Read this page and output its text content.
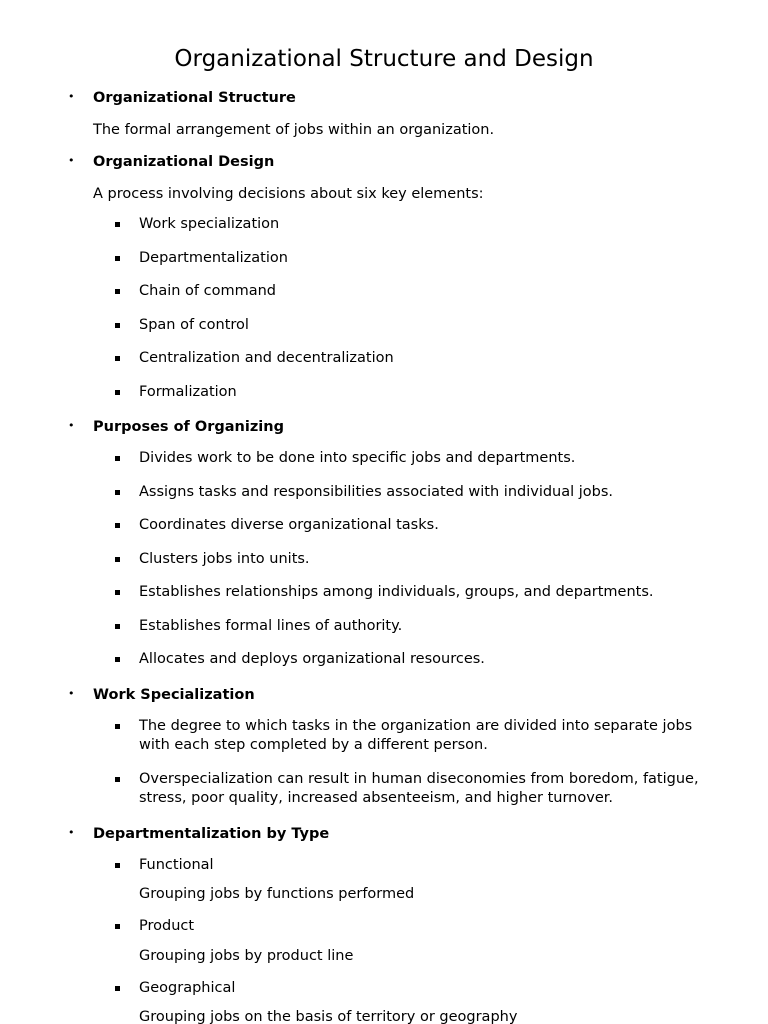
Organizational Structure and Design
• Organizational Structure

The formal arrangement of jobs within an organization.

• Organizational Design

A process involving decisions about six key elements:

Work specialization
Departmentalization
Chain of command
Span of control
Centralization and decentralization
Formalization
• Purposes of Organizing
Divides work to be done into specific jobs and departments.
Assigns tasks and responsibilities associated with individual jobs.
Coordinates diverse organizational tasks.
Clusters jobs into units.
Establishes relationships among individuals, groups, and departments.
Establishes formal lines of authority.
Allocates and deploys organizational resources.
• Work Specialization
The degree to which tasks in the organization are divided into separate jobs with each step completed by a different person.
Overspecialization can result in human diseconomies from boredom, fatigue, stress, poor quality, increased absenteeism, and higher turnover.
• Departmentalization by Type
Functional

Grouping jobs by functions performed

Product

Grouping jobs by product line

Geographical

Grouping jobs on the basis of territory or geography
